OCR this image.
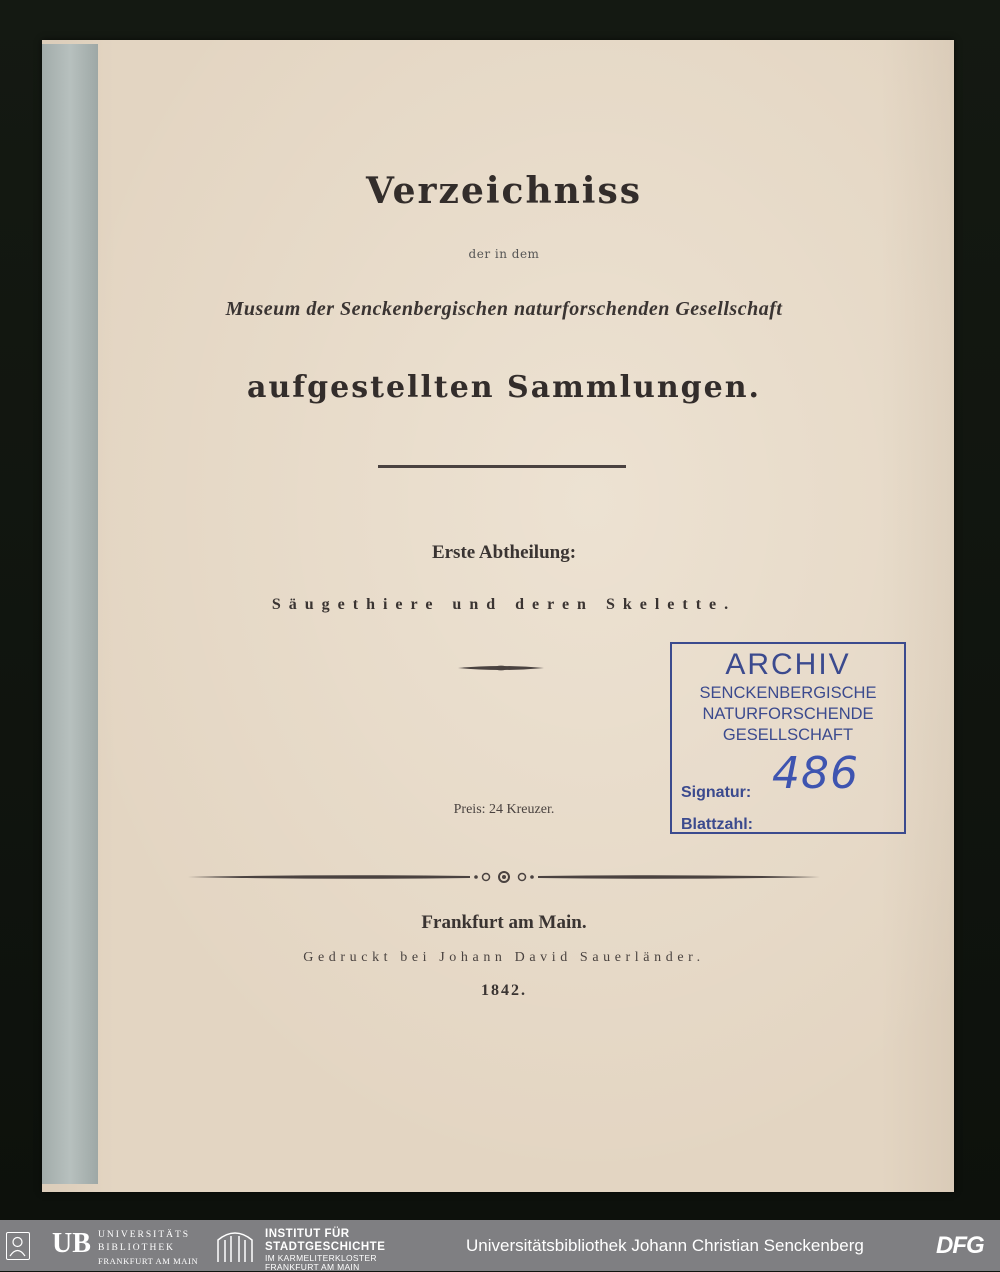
Verzeichniss
der in dem
Museum der Senckenbergischen naturforschenden Gesellschaft
aufgestellten Sammlungen.
Erste Abtheilung:
Säugethiere und deren Skelette.
Preis: 24 Kreuzer.
Frankfurt am Main.
Gedruckt bei Johann David Sauerländer.
1842.
ARCHIV
SENCKENBERGISCHE
NATURFORSCHENDE
GESELLSCHAFT
Signatur: 486
Blattzahl:
UB UNIVERSITÄTS
BIBLIOTHEK
FRANKFURT AM MAIN
INSTITUT FÜR
STADTGESCHICHTE
IM KARMELITERKLOSTER
FRANKFURT AM MAIN
Universitätsbibliothek Johann Christian Senckenberg	DFG
